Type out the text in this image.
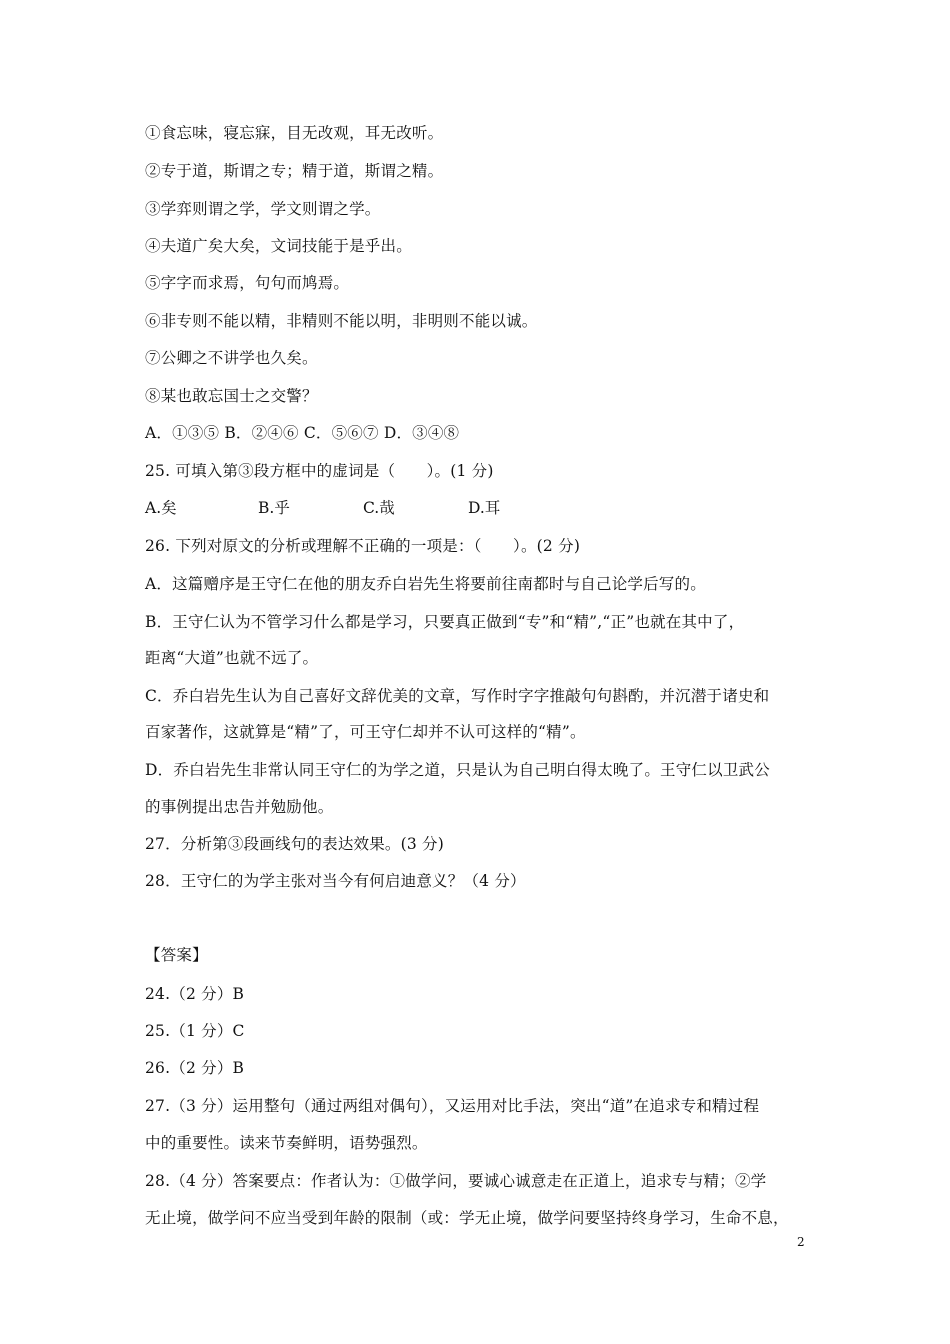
①食忘味，寝忘寐，目无改观，耳无改听。
②专于道，斯谓之专；精于道，斯谓之精。
③学弈则谓之学，学文则谓之学。
④夫道广矣大矣，文词技能于是乎出。
⑤字字而求焉，句句而鸠焉。
⑥非专则不能以精，非精则不能以明，非明则不能以诚。
⑦公卿之不讲学也久矣。
⑧某也敢忘国士之交警？
A．①③⑤ B．②④⑥ C．⑤⑥⑦ D．③④⑧
25. 可填入第③段方框中的虚词是（　　）。(1 分)
A.矣	B.乎	C.哉	D.耳
26. 下列对原文的分析或理解不正确的一项是：（　　）。(2 分)
A．这篇赠序是王守仁在他的朋友乔白岩先生将要前往南都时与自己论学后写的。
B．王守仁认为不管学习什么都是学习，只要真正做到“专”和“精”,“正”也就在其中了，
距离“大道”也就不远了。
C．乔白岩先生认为自己喜好文辞优美的文章，写作时字字推敲句句斟酌，并沉潜于诸史和
百家著作，这就算是“精”了，可王守仁却并不认可这样的“精”。
D．乔白岩先生非常认同王守仁的为学之道，只是认为自己明白得太晚了。王守仁以卫武公
的事例提出忠告并勉励他。
27．分析第③段画线句的表达效果。(3 分)
28．王守仁的为学主张对当今有何启迪意义？（4 分）
【答案】
24.（2 分）B
25.（1 分）C
26.（2 分）B
27.（3 分）运用整句（通过两组对偶句），又运用对比手法，突出“道”在追求专和精过程
中的重要性。读来节奏鲜明，语势强烈。
28.（4 分）答案要点：作者认为：①做学问，要诚心诚意走在正道上，追求专与精；②学
无止境，做学问不应当受到年龄的限制（或：学无止境，做学问要坚持终身学习，生命不息，
2
